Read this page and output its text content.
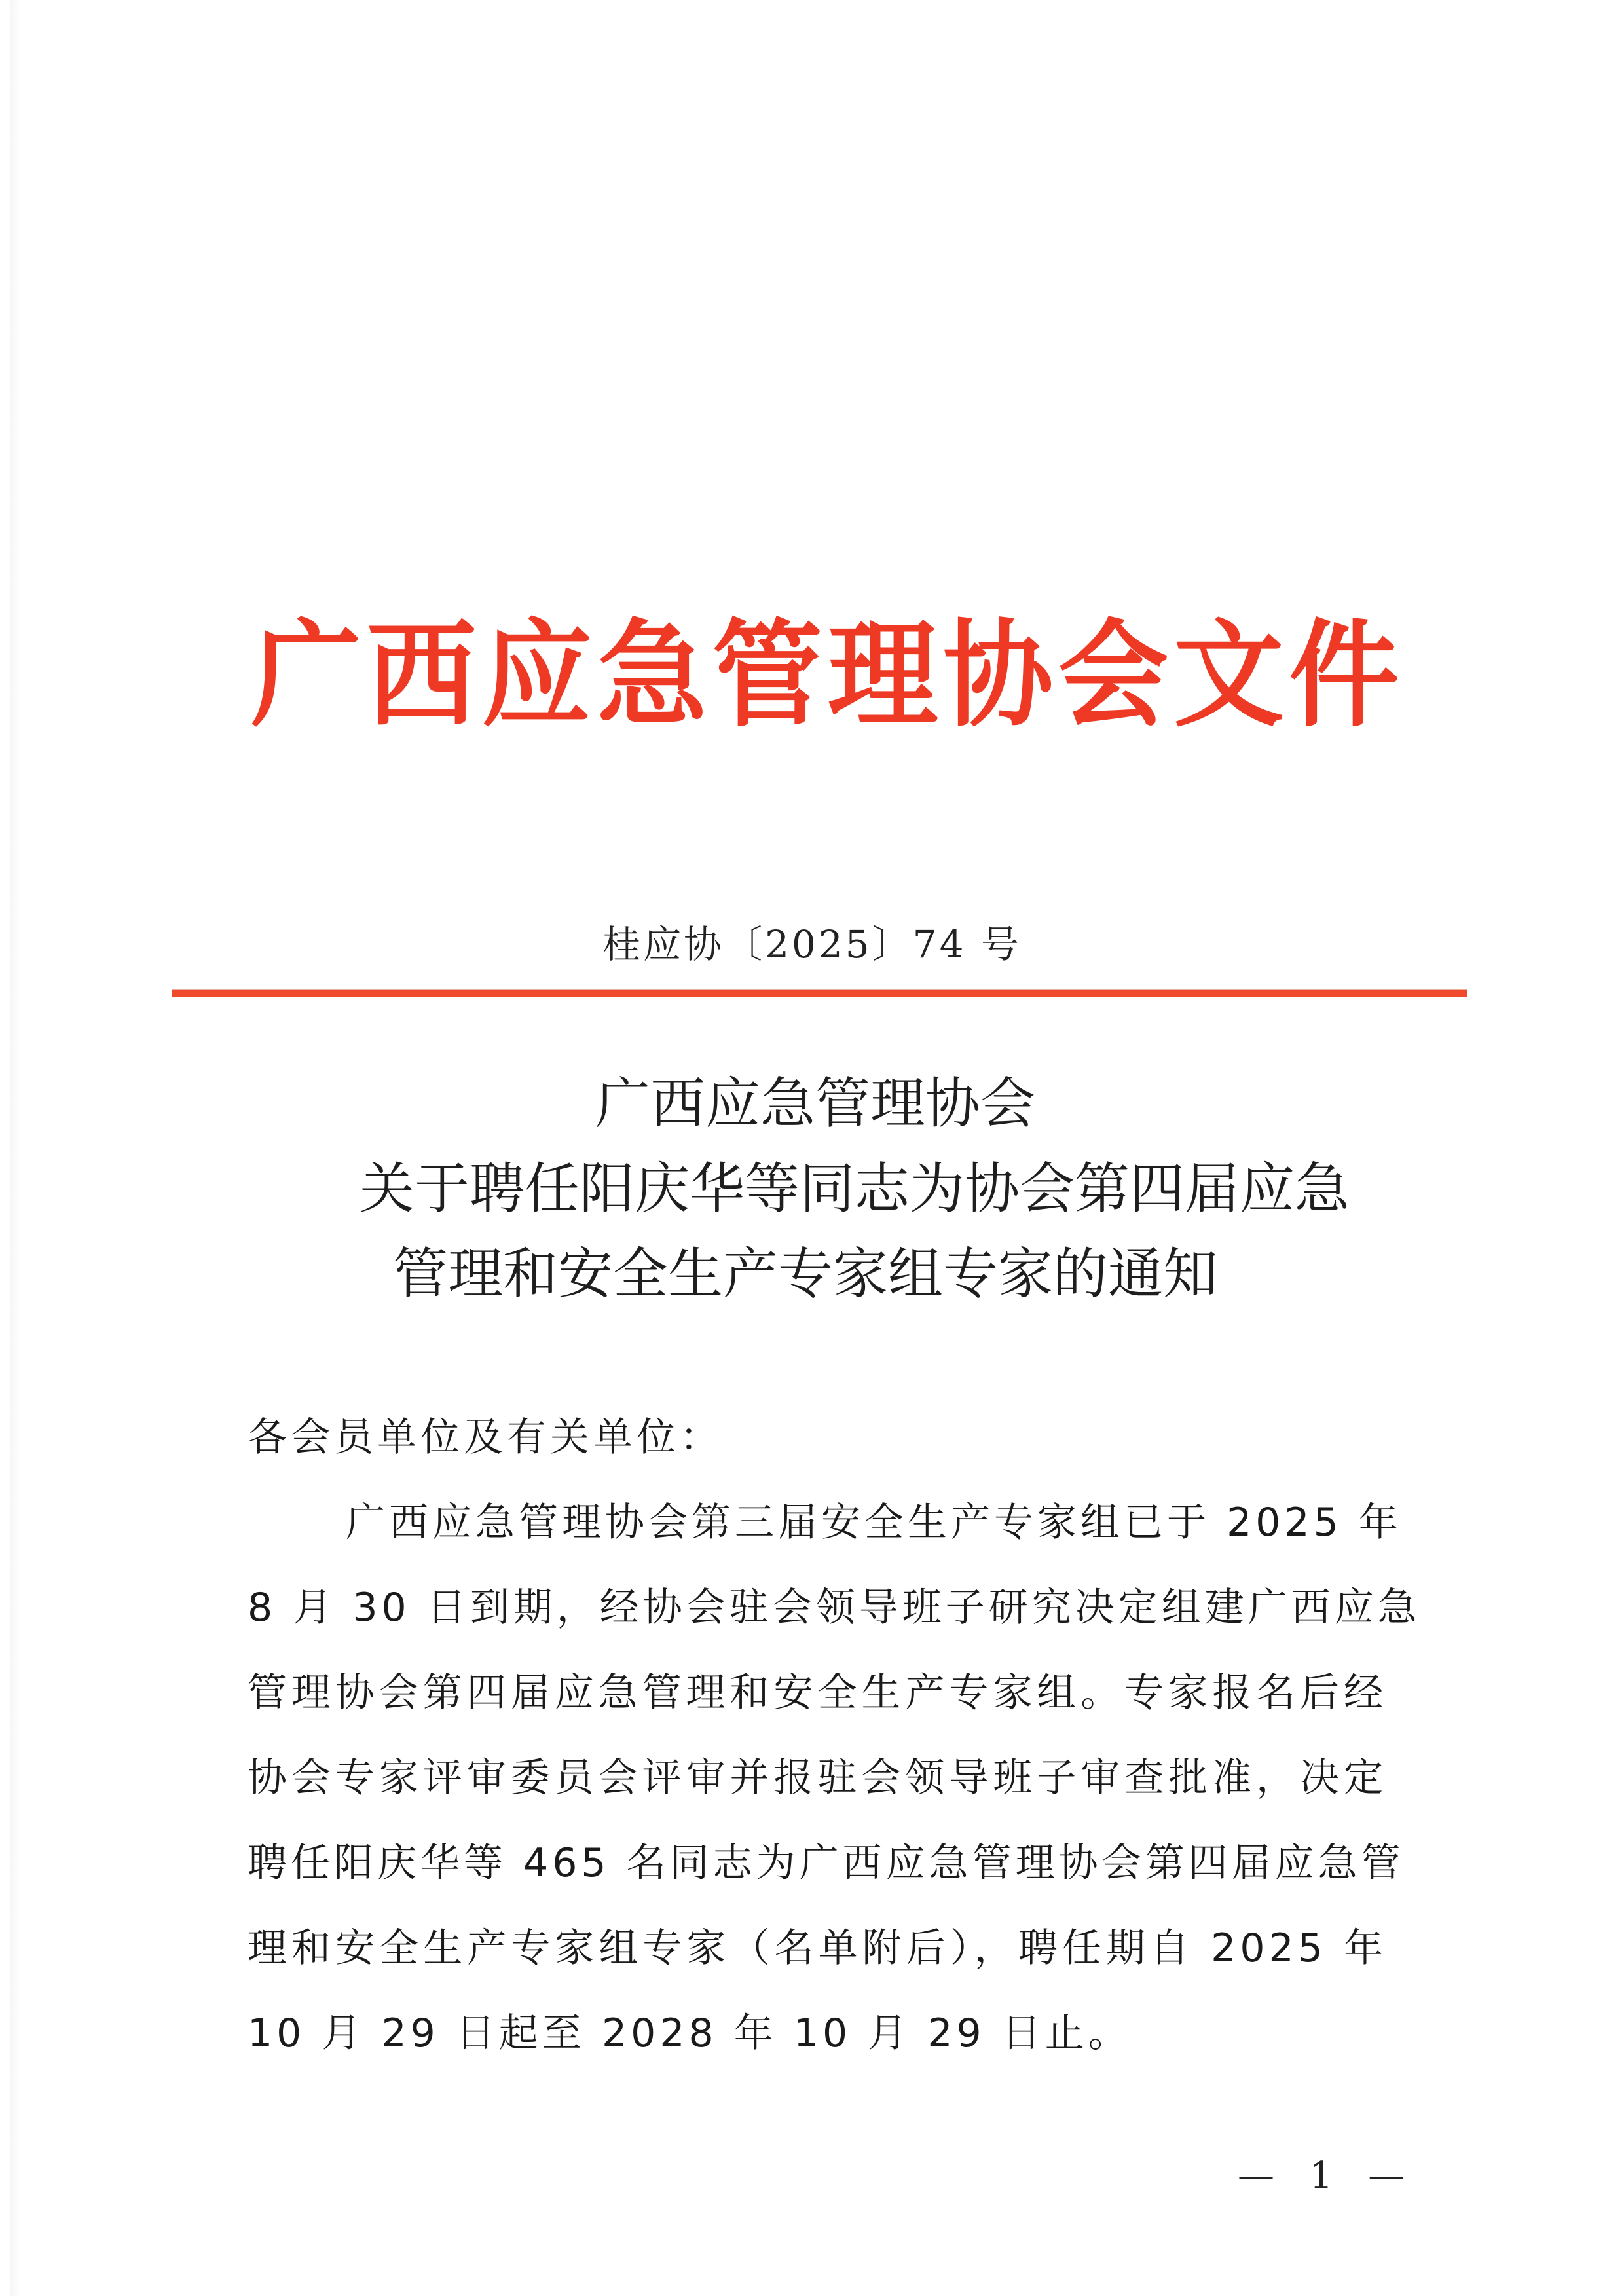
广 西 应 急 管 理 协 会 文 件
桂应协〔2025〕74 号
广西应急管理协会
关于聘任阳庆华等同志为协会第四届应急
管理和安全生产专家组专家的通知
各会员单位及有关单位：
广西应急管理协会第三届安全生产专家组已于 2025 年
8 月 30 日到期，经协会驻会领导班子研究决定组建广西应急
管理协会第四届应急管理和安全生产专家组。专家报名后经
协会专家评审委员会评审并报驻会领导班子审查批准，决定
聘任阳庆华等 465 名同志为广西应急管理协会第四届应急管
理和安全生产专家组专家（名单附后），聘任期自 2025 年
10 月 29 日起至 2028 年 10 月 29 日止。
— 1 —
